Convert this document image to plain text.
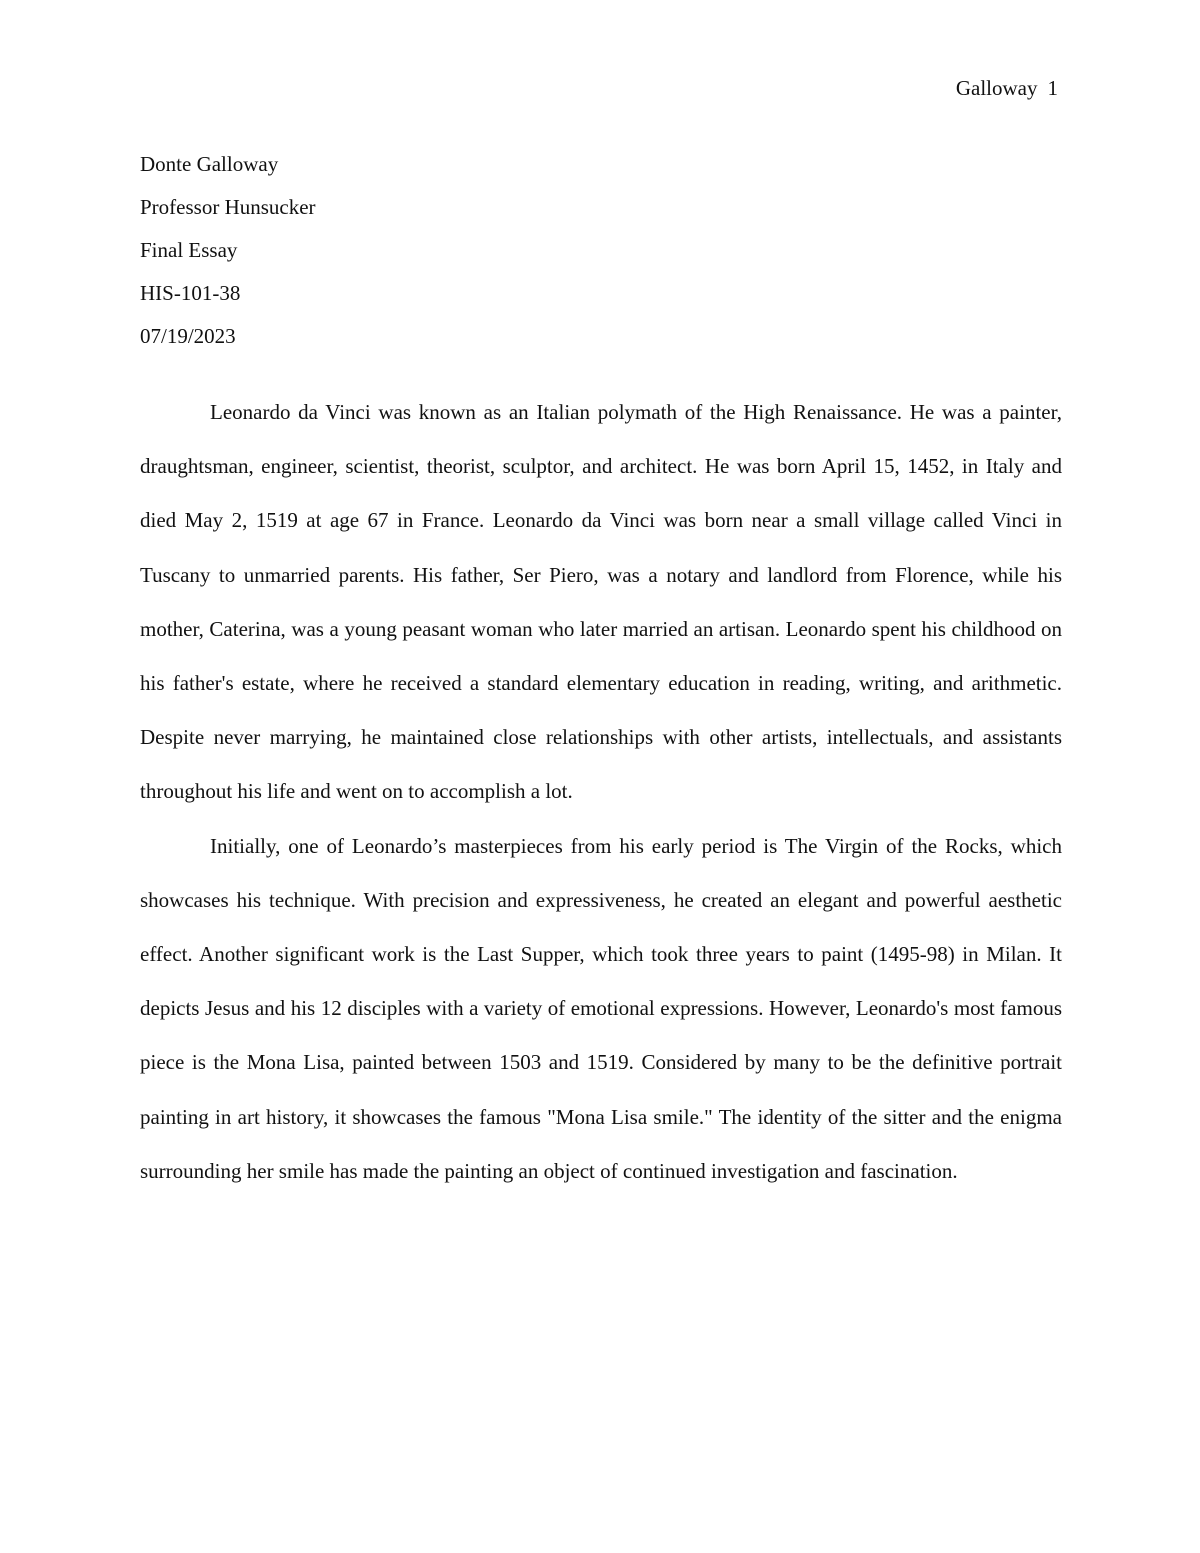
Galloway 1
Donte Galloway
Professor Hunsucker
Final Essay
HIS-101-38
07/19/2023

Leonardo da Vinci was known as an Italian polymath of the High Renaissance. He was a painter, draughtsman, engineer, scientist, theorist, sculptor, and architect. He was born April 15, 1452, in Italy and died May 2, 1519 at age 67 in France. Leonardo da Vinci was born near a small village called Vinci in Tuscany to unmarried parents. His father, Ser Piero, was a notary and landlord from Florence, while his mother, Caterina, was a young peasant woman who later married an artisan. Leonardo spent his childhood on his father's estate, where he received a standard elementary education in reading, writing, and arithmetic. Despite never marrying, he maintained close relationships with other artists, intellectuals, and assistants throughout his life and went on to accomplish a lot.

Initially, one of Leonardo’s masterpieces from his early period is The Virgin of the Rocks, which showcases his technique. With precision and expressiveness, he created an elegant and powerful aesthetic effect. Another significant work is the Last Supper, which took three years to paint (1495-98) in Milan. It depicts Jesus and his 12 disciples with a variety of emotional expressions. However, Leonardo's most famous piece is the Mona Lisa, painted between 1503 and 1519. Considered by many to be the definitive portrait painting in art history, it showcases the famous "Mona Lisa smile." The identity of the sitter and the enigma surrounding her smile has made the painting an object of continued investigation and fascination.
